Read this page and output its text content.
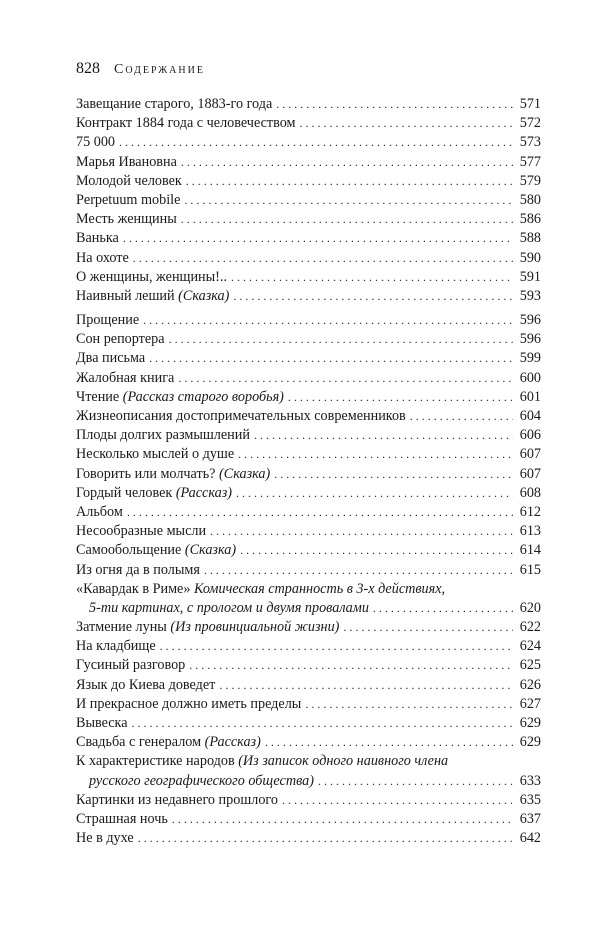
828 Содержание
Завещание старого, 1883-го года . . .	571
Контракт 1884 года с человечеством . . .	572
75 000 . . .	573
Марья Ивановна . . .	577
Молодой человек . . .	579
Perpetuum mobile . . .	580
Месть женщины . . .	586
Ванька . . .	588
На охоте . . .	590
О женщины, женщины!.. . . .	591
Наивный леший (Сказка) . . .	593
Прощение . . .	596
Сон репортера . . .	596
Два письма . . .	599
Жалобная книга . . .	600
Чтение (Рассказ старого воробья) . . .	601
Жизнеописания достопримечательных современников . . .	604
Плоды долгих размышлений . . .	606
Несколько мыслей о душе . . .	607
Говорить или молчать? (Сказка) . . .	607
Гордый человек (Рассказ) . . .	608
Альбом . . .	612
Несообразные мысли . . .	613
Самообольщение (Сказка) . . .	614
Из огня да в полымя . . .	615
«Кавардак в Риме» Комическая странность в 3-х действиях,
5-ти картинах, с прологом и двумя провалами . . .	620
Затмение луны (Из провинциальной жизни) . . .	622
На кладбище . . .	624
Гусиный разговор . . .	625
Язык до Киева доведет . . .	626
И прекрасное должно иметь пределы . . .	627
Вывеска . . .	629
Свадьба с генералом (Рассказ) . . .	629
К характеристике народов (Из записок одного наивного члена
русского географического общества) . . .	633
Картинки из недавнего прошлого . . .	635
Страшная ночь . . .	637
Не в духе . . .	642
